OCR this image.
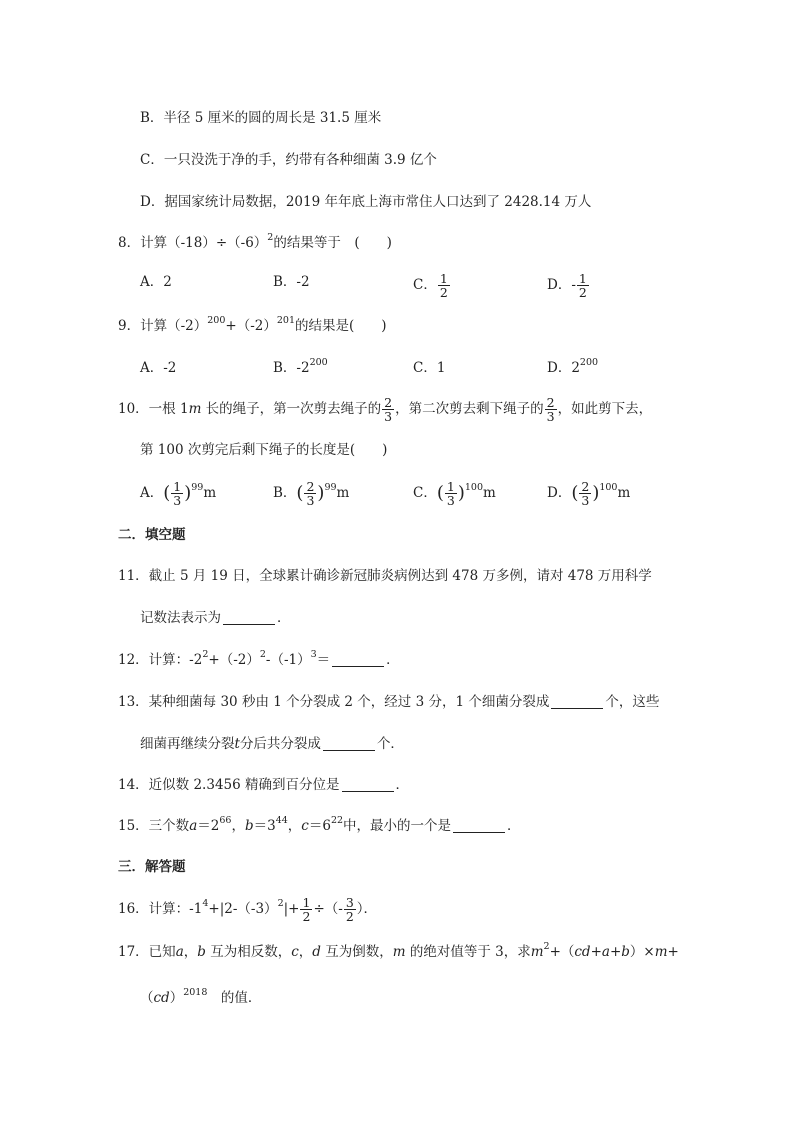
B．半径 5 厘米的圆的周长是 31.5 厘米
C．一只没洗于净的手，约带有各种细菌 3.9 亿个
D．据国家统计局数据，2019 年年底上海市常住人口达到了 2428.14 万人
8．计算$(-18)\div(-6)^2$的结果等于　(　　)
A．2	B．-2	C． $\frac{1}{2}$	D．- $\frac{1}{2}$
9．计算$(-2)^{200}+(-2)^{201}$的结果是(　　)
A．-2	B．$-2^{200}$	C．1	D．$2^{200}$
10．一根 1m 长的绳子，第一次剪去绳子的 $\frac{2}{3}$ ，第二次剪去剩下绳子的 $\frac{2}{3}$ ，如此剪下去，
第 100 次剪完后剩下绳子的长度是(　　)
A．( $\frac{1}{3} )^{99}m$	B．( $\frac{2}{3} )^{99}m$	C．( $\frac{1}{3} )^{100}m$	D．( $\frac{2}{3} )^{100}m$
二．填空题
11．截止 5 月 19 日，全球累计确诊新冠肺炎病例达到 478 万多例，请对 478 万用科学
记数法表示为	．
12．计算：$-2^2+(-2)^2-(-1)^3=$	．
13．某种细菌每 30 秒由 1 个分裂成 2 个，经过 3 分，1 个细菌分裂成	个，这些
细菌再继续分裂t分后共分裂成	个．
14．近似数 2.3456 精确到百分位是	．
15．三个数$a=2^{66}$，$b=3^{44}$，$c=6^{22}$中，最小的一个是	．
三．解答题
16．计算：$-1^4+|2-(-3)^2|+ \frac{1}{2}$ ÷（- $\frac{3}{2}$ ）．
17．已知a，b 互为相反数，c，d 互为倒数，m 的绝对值等于 3，求$m^2+(cd+a+b)\times m+$
（cd）$^{2018}$　的值．
